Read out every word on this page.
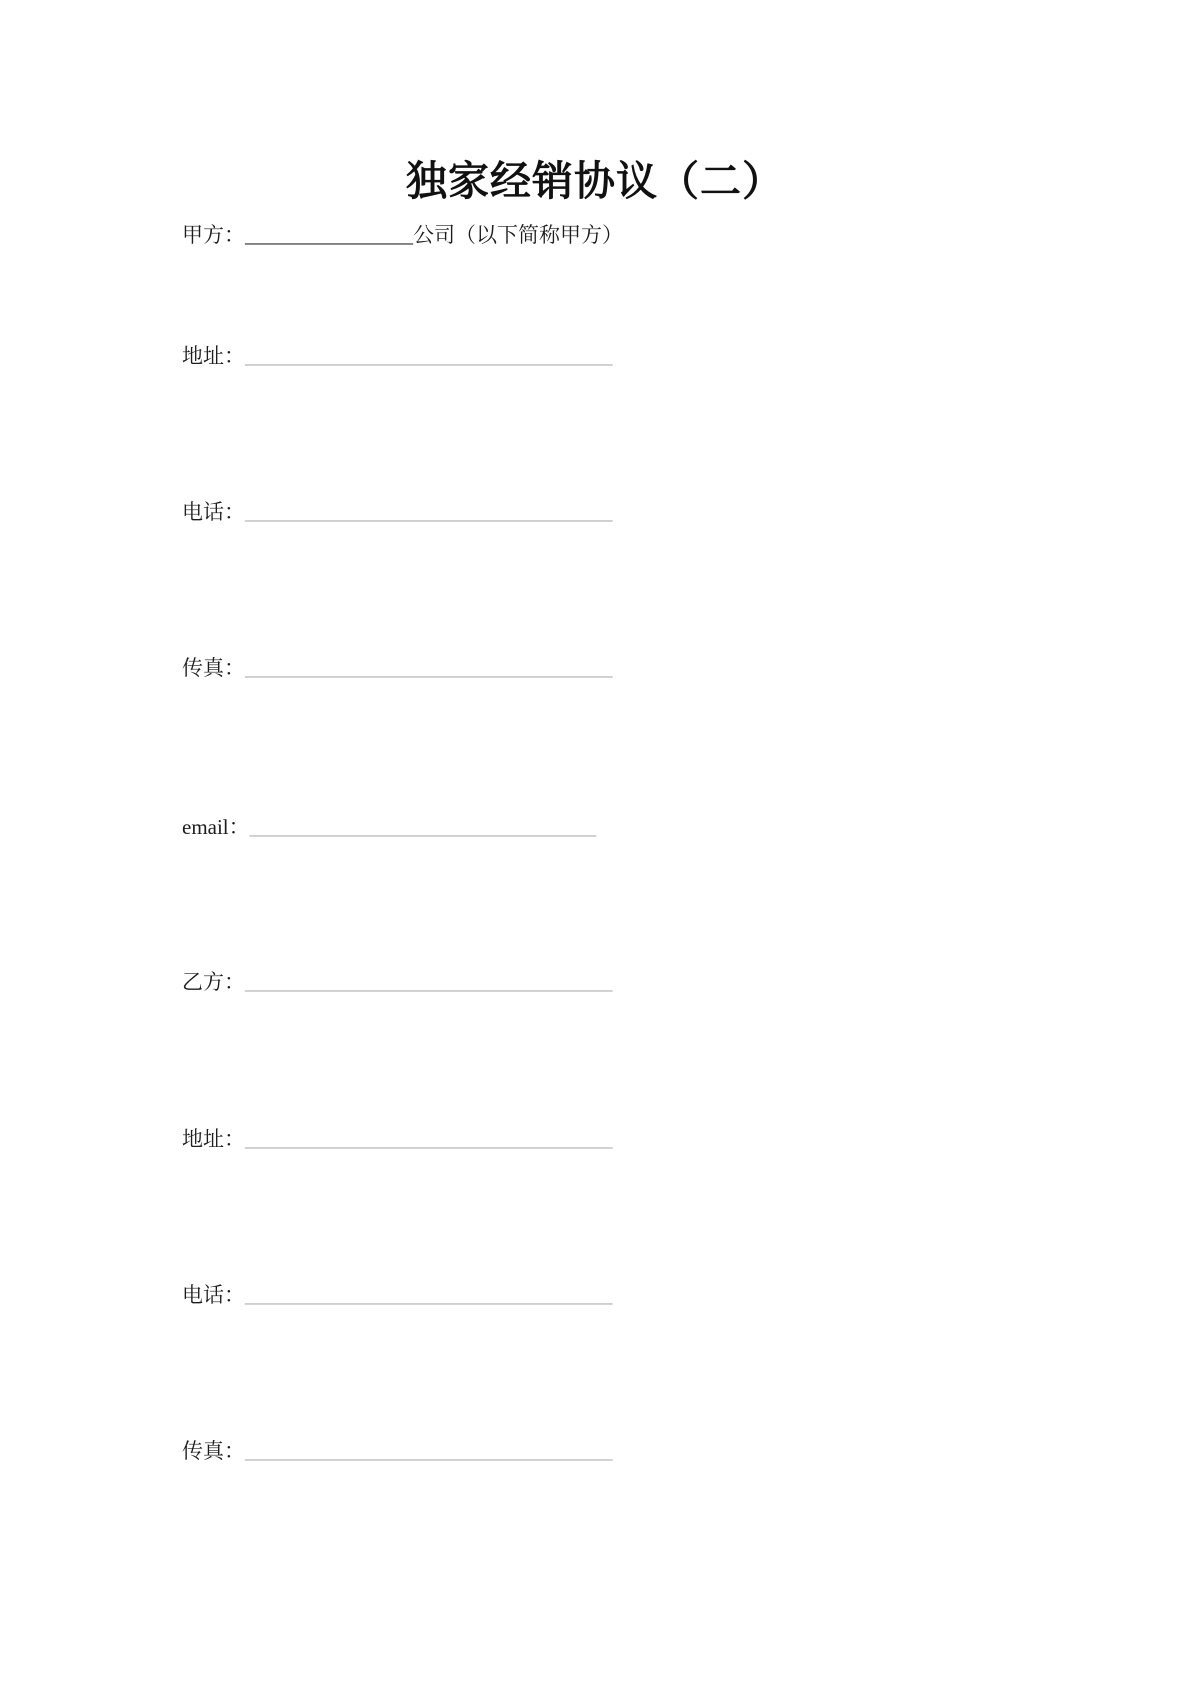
独家经销协议（二）
甲方：________________公司（以下简称甲方）
地址：___________________________________
电话：___________________________________
传真：___________________________________
email：_________________________________
乙方：___________________________________
地址：___________________________________
电话：___________________________________
传真：___________________________________
